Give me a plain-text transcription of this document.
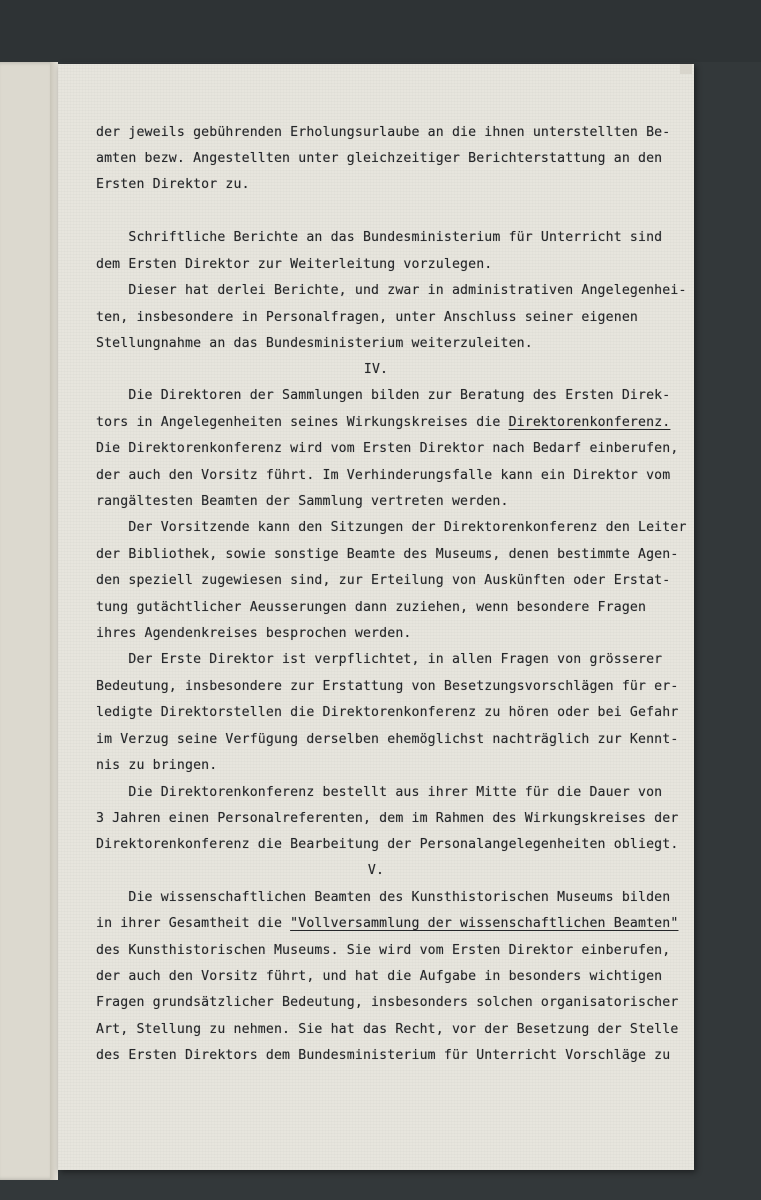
der jeweils gebührenden Erholungsurlaube an die ihnen unterstellten Be-
amten bezw. Angestellten unter gleichzeitiger Berichterstattung an den
Ersten Direktor zu.
Schriftliche Berichte an das Bundesministerium für Unterricht sind
dem Ersten Direktor zur Weiterleitung vorzulegen.
Dieser hat derlei Berichte, und zwar in administrativen Angelegenhei-
ten, insbesondere in Personalfragen, unter Anschluss seiner eigenen
Stellungnahme an das Bundesministerium weiterzuleiten.
IV.
Die Direktoren der Sammlungen bilden zur Beratung des Ersten Direk-
tors in Angelegenheiten seines Wirkungskreises die Direktorenkonferenz.
Die Direktorenkonferenz wird vom Ersten Direktor nach Bedarf einberufen,
der auch den Vorsitz führt. Im Verhinderungsfalle kann ein Direktor vom
rangältesten Beamten der Sammlung vertreten werden.
Der Vorsitzende kann den Sitzungen der Direktorenkonferenz den Leiter
der Bibliothek, sowie sonstige Beamte des Museums, denen bestimmte Agen-
den speziell zugewiesen sind, zur Erteilung von Auskünften oder Erstat-
tung gutächtlicher Aeusserungen dann zuziehen, wenn besondere Fragen
ihres Agendenkreises besprochen werden.
Der Erste Direktor ist verpflichtet, in allen Fragen von grösserer
Bedeutung, insbesondere zur Erstattung von Besetzungsvorschlägen für er-
ledigte Direktorstellen die Direktorenkonferenz zu hören oder bei Gefahr
im Verzug seine Verfügung derselben ehemöglichst nachträglich zur Kennt-
nis zu bringen.
Die Direktorenkonferenz bestellt aus ihrer Mitte für die Dauer von
3 Jahren einen Personalreferenten, dem im Rahmen des Wirkungskreises der
Direktorenkonferenz die Bearbeitung der Personalangelegenheiten obliegt.
V.
Die wissenschaftlichen Beamten des Kunsthistorischen Museums bilden
in ihrer Gesamtheit die "Vollversammlung der wissenschaftlichen Beamten"
des Kunsthistorischen Museums. Sie wird vom Ersten Direktor einberufen,
der auch den Vorsitz führt, und hat die Aufgabe in besonders wichtigen
Fragen grundsätzlicher Bedeutung, insbesonders solchen organisatorischer
Art, Stellung zu nehmen. Sie hat das Recht, vor der Besetzung der Stelle
des Ersten Direktors dem Bundesministerium für Unterricht Vorschläge zu
